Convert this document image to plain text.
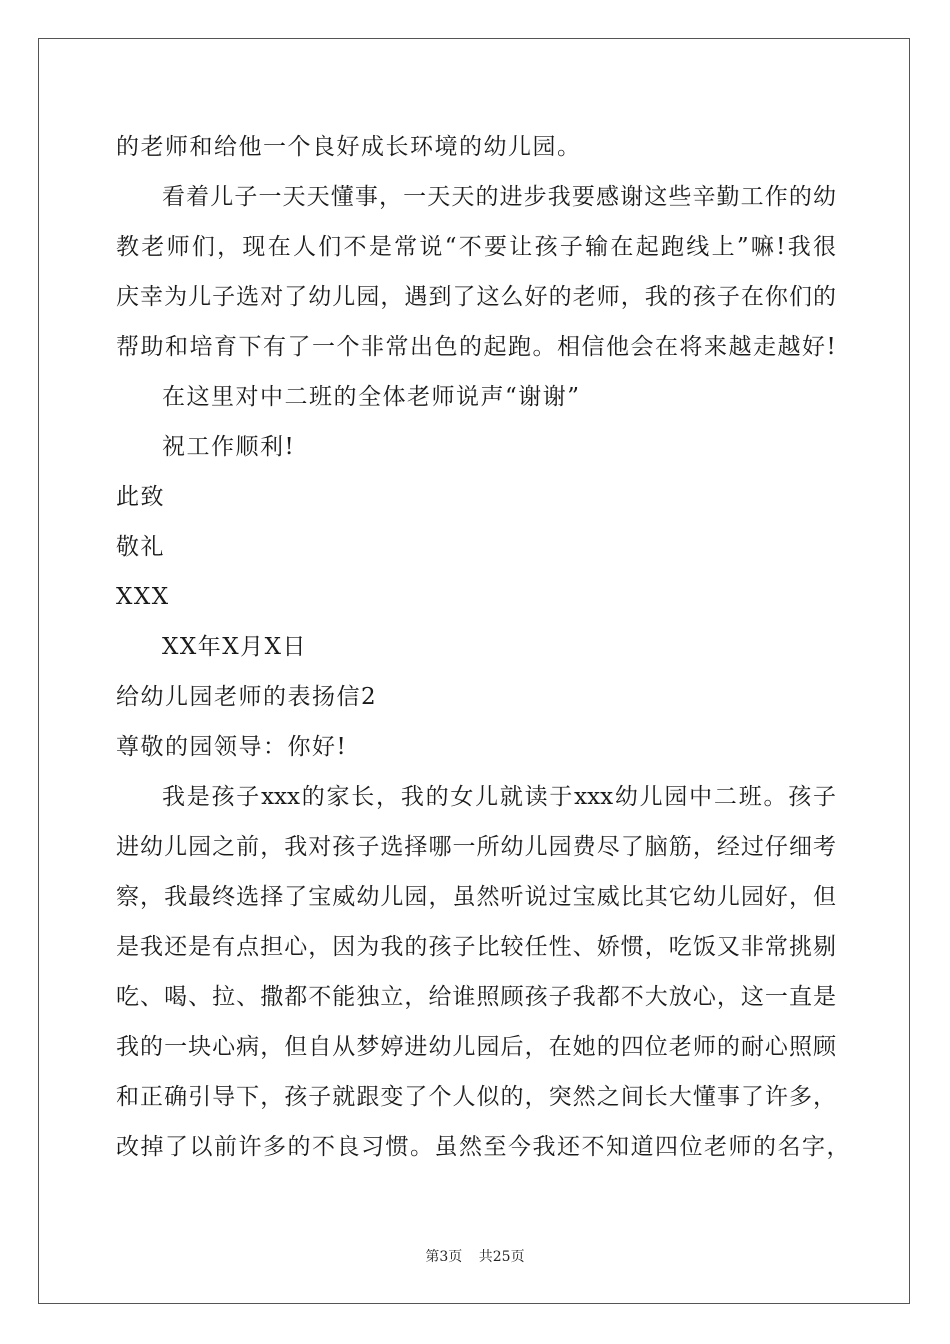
的老师和给他一个良好成长环境的幼儿园。
看着儿子一天天懂事，一天天的进步我要感谢这些辛勤工作的幼
教老师们，现在人们不是常说“不要让孩子输在起跑线上”嘛!我很
庆幸为儿子选对了幼儿园，遇到了这么好的老师，我的孩子在你们的
帮助和培育下有了一个非常出色的起跑。相信他会在将来越走越好!
在这里对中二班的全体老师说声“谢谢”
祝工作顺利!
此致
敬礼
XXX
XX年X月X日
给幼儿园老师的表扬信2
尊敬的园领导：你好!
我是孩子xxx的家长，我的女儿就读于xxx幼儿园中二班。孩子
进幼儿园之前，我对孩子选择哪一所幼儿园费尽了脑筋，经过仔细考
察，我最终选择了宝威幼儿园，虽然听说过宝威比其它幼儿园好，但
是我还是有点担心，因为我的孩子比较任性、娇惯，吃饭又非常挑剔
吃、喝、拉、撒都不能独立，给谁照顾孩子我都不大放心，这一直是
我的一块心病，但自从梦婷进幼儿园后，在她的四位老师的耐心照顾
和正确引导下，孩子就跟变了个人似的，突然之间长大懂事了许多，
改掉了以前许多的不良习惯。虽然至今我还不知道四位老师的名字，
第3页 共25页
